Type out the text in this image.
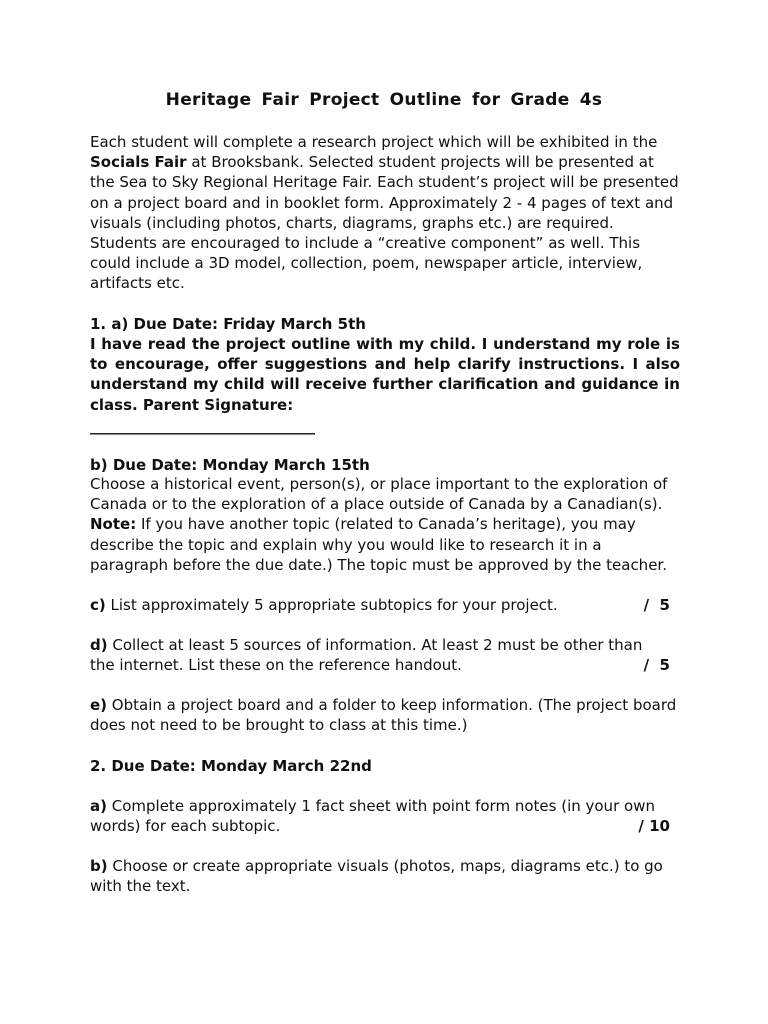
Heritage Fair Project Outline for Grade 4s

Each student will complete a research project which will be exhibited in the
Socials Fair at Brooksbank. Selected student projects will be presented at the Sea to Sky Regional Heritage Fair. Each student’s project will be presented on a project board and in booklet form. Approximately 2 - 4 pages of text and visuals (including photos, charts, diagrams, graphs etc.) are required. Students are encouraged to include a “creative component” as well. This could include a 3D model, collection, poem, newspaper article, interview, artifacts etc.

1. a) Due Date: Friday March 5th

I have read the project outline with my child. I understand my role is to encourage, offer suggestions and help clarify instructions. I also understand my child will receive further clarification and guidance in class. Parent Signature:

______________________________
b) Due Date: Monday March 15th

Choose a historical event, person(s), or place important to the exploration of Canada or to the exploration of a place outside of Canada by a Canadian(s).
Note: If you have another topic (related to Canada’s heritage), you may describe the topic and explain why you would like to research it in a paragraph before the due date.) The topic must be approved by the teacher.

c) List approximately 5 appropriate subtopics for your project.	/  5
d) Collect at least 5 sources of information. At least 2 must be other than
the internet. List these on the reference handout.	/  5

e) Obtain a project board and a folder to keep information. (The project board does not need to be brought to class at this time.)

2. Due Date: Monday March 22nd
a) Complete approximately 1 fact sheet with point form notes (in your own
words) for each subtopic.	/ 10

b) Choose or create appropriate visuals (photos, maps, diagrams etc.) to go with the text.
